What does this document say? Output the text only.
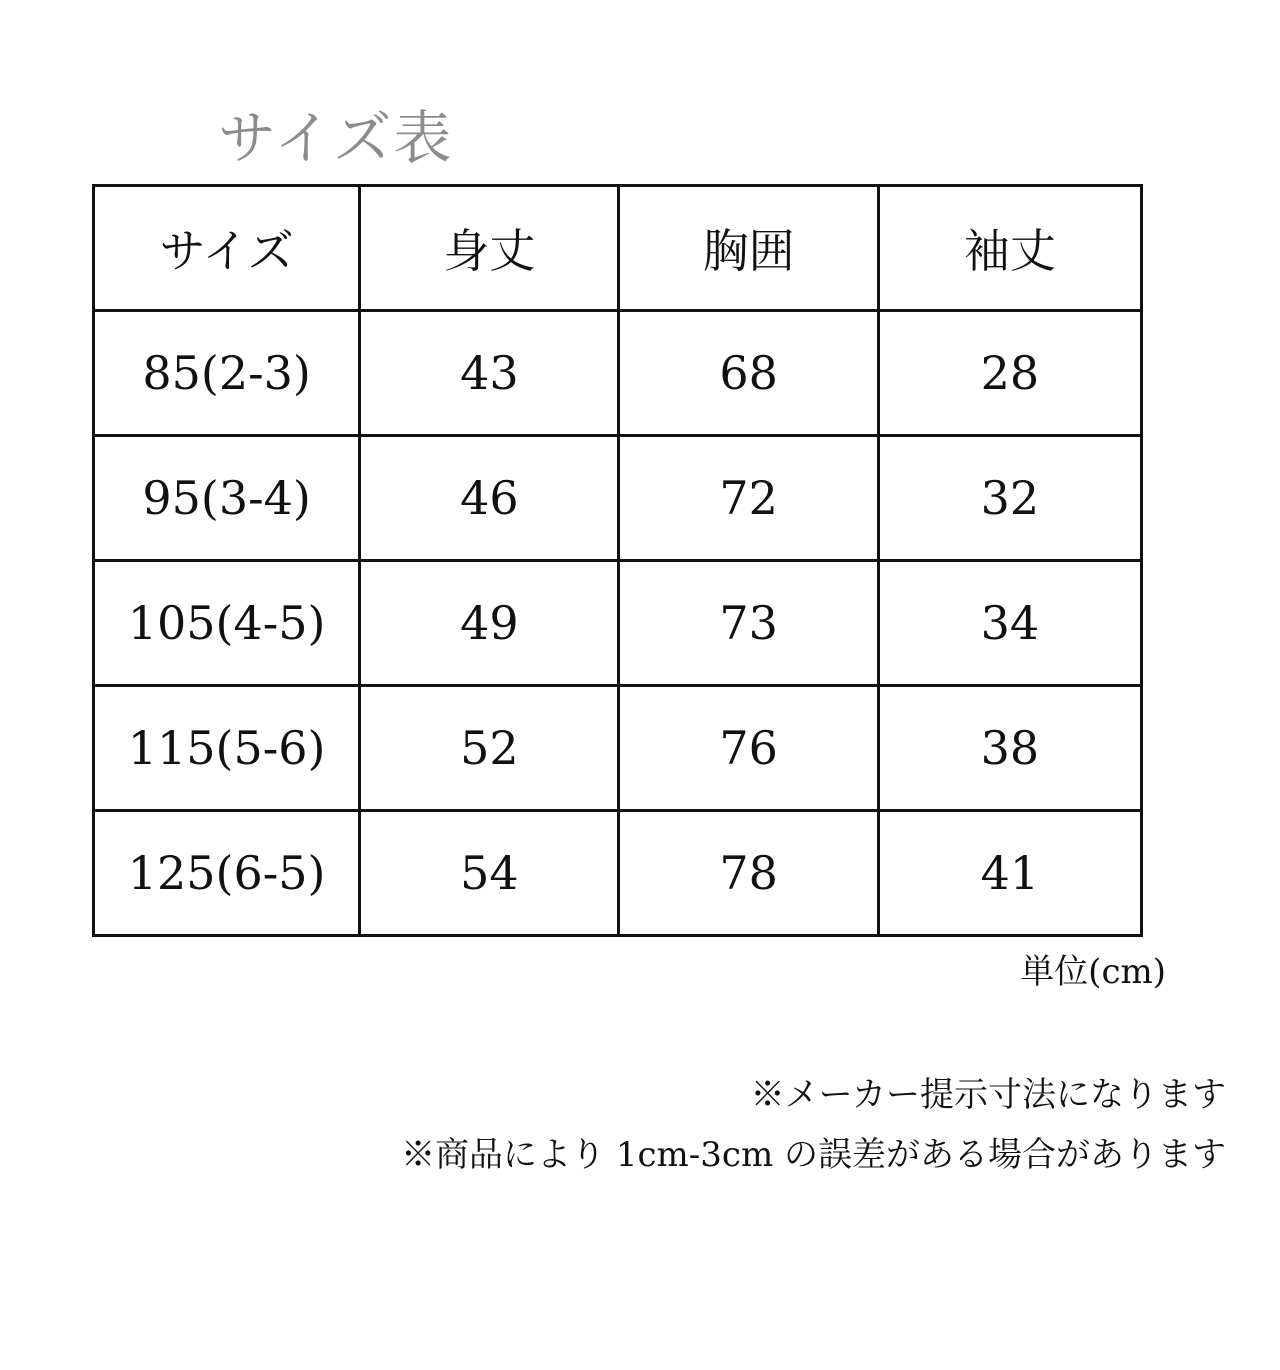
サイズ表
サイズ	身丈	胸囲	袖丈
85(2-3)	43	68	28
95(3-4)	46	72	32
105(4-5)	49	73	34
115(5-6)	52	76	38
125(6-5)	54	78	41
単位(cm)
※メーカー提示寸法になります
※商品により 1cm-3cm の誤差がある場合があります
